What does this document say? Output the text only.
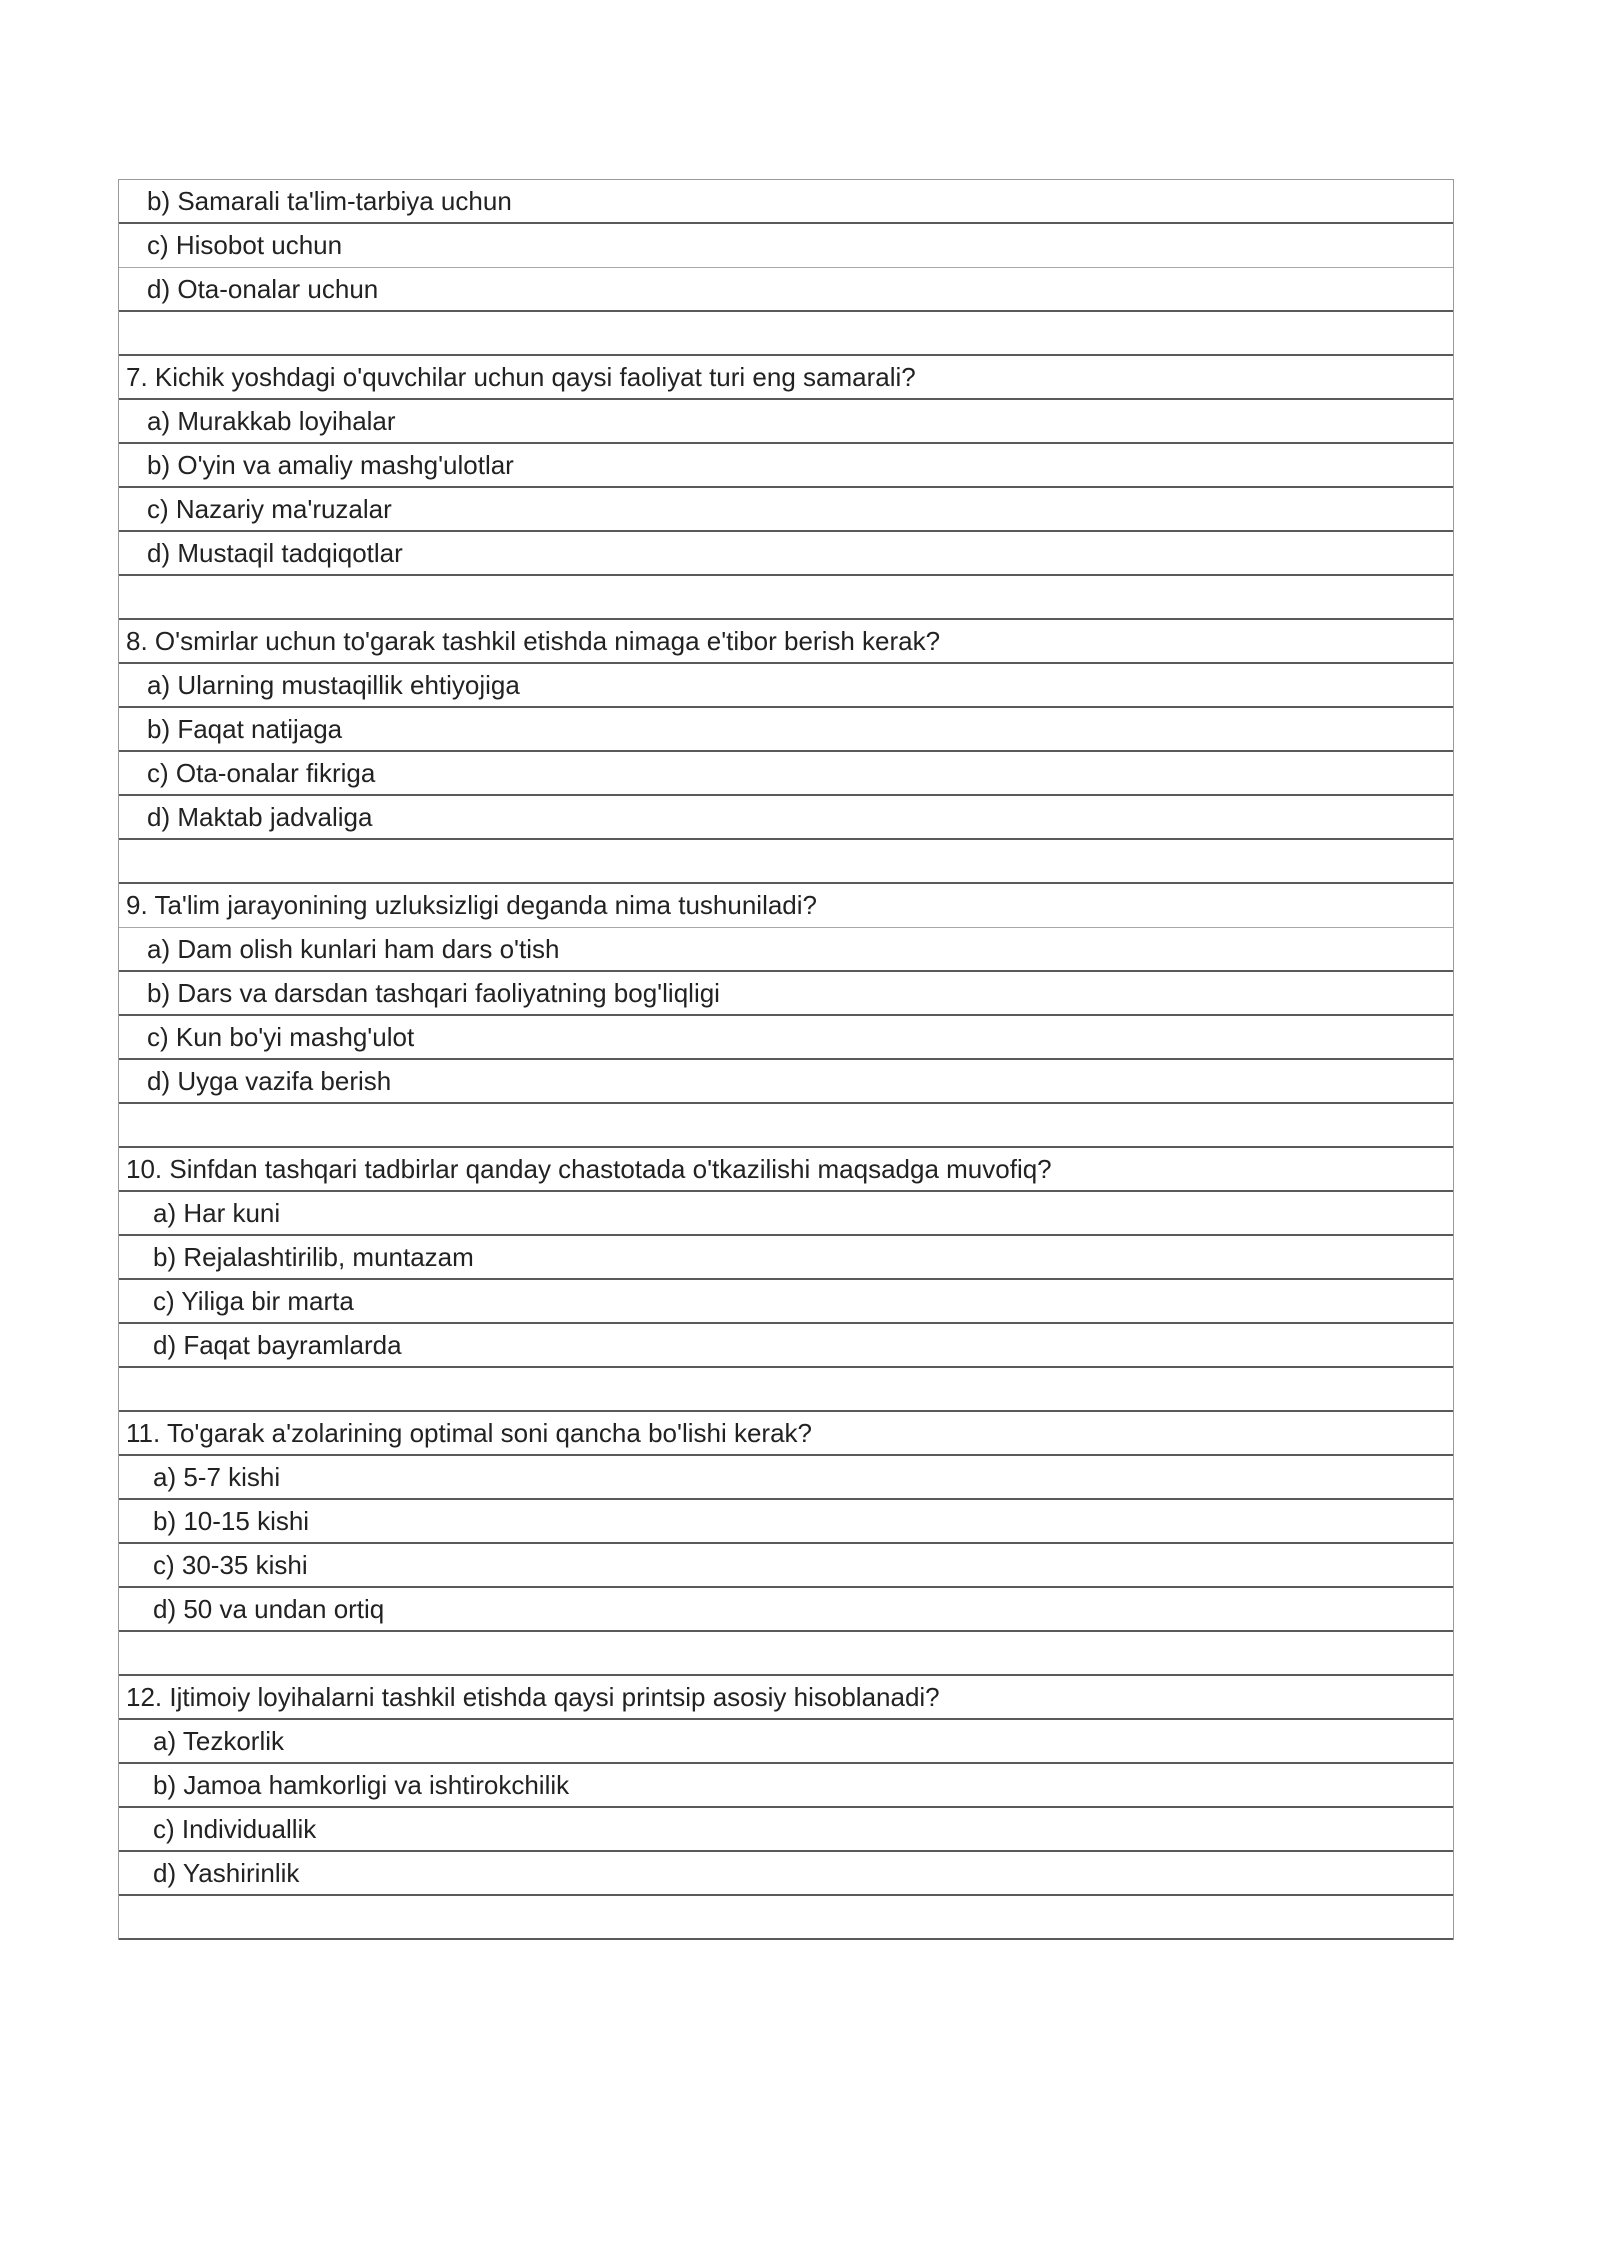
b) Samarali ta'lim-tarbiya uchun
c) Hisobot uchun
d) Ota-onalar uchun
7. Kichik yoshdagi o'quvchilar uchun qaysi faoliyat turi eng samarali?
a) Murakkab loyihalar
b) O'yin va amaliy mashg'ulotlar
c) Nazariy ma'ruzalar
d) Mustaqil tadqiqotlar
8. O'smirlar uchun to'garak tashkil etishda nimaga e'tibor berish kerak?
a) Ularning mustaqillik ehtiyojiga
b) Faqat natijaga
c) Ota-onalar fikriga
d) Maktab jadvaliga
9. Ta'lim jarayonining uzluksizligi deganda nima tushuniladi?
a) Dam olish kunlari ham dars o'tish
b) Dars va darsdan tashqari faoliyatning bog'liqligi
c) Kun bo'yi mashg'ulot
d) Uyga vazifa berish
10. Sinfdan tashqari tadbirlar qanday chastotada o'tkazilishi maqsadga muvofiq?
a) Har kuni
b) Rejalashtirilib, muntazam
c) Yiliga bir marta
d) Faqat bayramlarda
11. To'garak a'zolarining optimal soni qancha bo'lishi kerak?
a) 5-7 kishi
b) 10-15 kishi
c) 30-35 kishi
d) 50 va undan ortiq
12. Ijtimoiy loyihalarni tashkil etishda qaysi printsip asosiy hisoblanadi?
a) Tezkorlik
b) Jamoa hamkorligi va ishtirokchilik
c) Individuallik
d) Yashirinlik
